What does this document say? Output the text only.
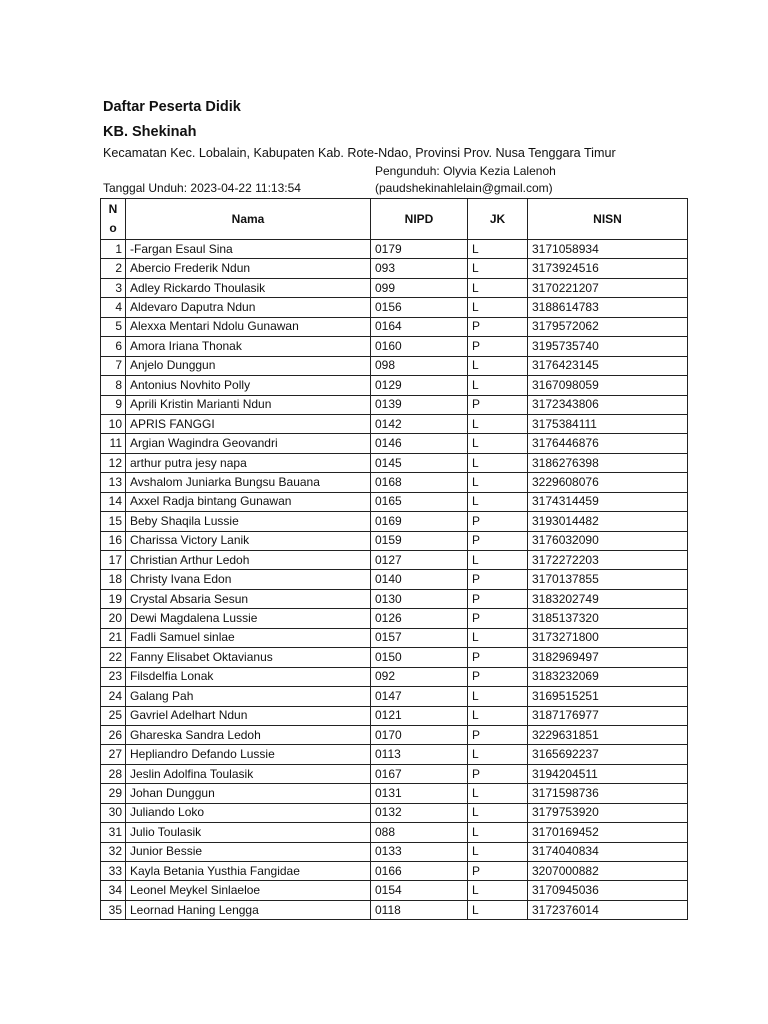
Daftar Peserta Didik
KB. Shekinah
Kecamatan Kec. Lobalain, Kabupaten Kab. Rote-Ndao, Provinsi Prov. Nusa Tenggara Timur
Pengunduh: Olyvia Kezia Lalenoh
Tanggal Unduh: 2023-04-22 11:13:54	(paudshekinahlelain@gmail.com)
N
o	Nama	NIPD	JK	NISN
1	-Fargan Esaul Sina	0179	L	3171058934
2	Abercio Frederik Ndun	093	L	3173924516
3	Adley Rickardo Thoulasik	099	L	3170221207
4	Aldevaro Daputra Ndun	0156	L	3188614783
5	Alexxa Mentari Ndolu Gunawan	0164	P	3179572062
6	Amora Iriana Thonak	0160	P	3195735740
7	Anjelo Dunggun	098	L	3176423145
8	Antonius Novhito Polly	0129	L	3167098059
9	Aprili Kristin Marianti Ndun	0139	P	3172343806
10	APRIS FANGGI	0142	L	3175384111
11	Argian Wagindra Geovandri	0146	L	3176446876
12	arthur putra jesy napa	0145	L	3186276398
13	Avshalom Juniarka Bungsu Bauana	0168	L	3229608076
14	Axxel Radja bintang Gunawan	0165	L	3174314459
15	Beby Shaqila Lussie	0169	P	3193014482
16	Charissa Victory Lanik	0159	P	3176032090
17	Christian Arthur Ledoh	0127	L	3172272203
18	Christy Ivana Edon	0140	P	3170137855
19	Crystal Absaria Sesun	0130	P	3183202749
20	Dewi Magdalena Lussie	0126	P	3185137320
21	Fadli Samuel sinlae	0157	L	3173271800
22	Fanny Elisabet Oktavianus	0150	P	3182969497
23	Filsdelfia Lonak	092	P	3183232069
24	Galang Pah	0147	L	3169515251
25	Gavriel Adelhart Ndun	0121	L	3187176977
26	Ghareska Sandra Ledoh	0170	P	3229631851
27	Hepliandro Defando Lussie	0113	L	3165692237
28	Jeslin Adolfina Toulasik	0167	P	3194204511
29	Johan Dunggun	0131	L	3171598736
30	Juliando Loko	0132	L	3179753920
31	Julio Toulasik	088	L	3170169452
32	Junior Bessie	0133	L	3174040834
33	Kayla Betania Yusthia Fangidae	0166	P	3207000882
34	Leonel Meykel Sinlaeloe	0154	L	3170945036
35	Leornad Haning Lengga	0118	L	3172376014
